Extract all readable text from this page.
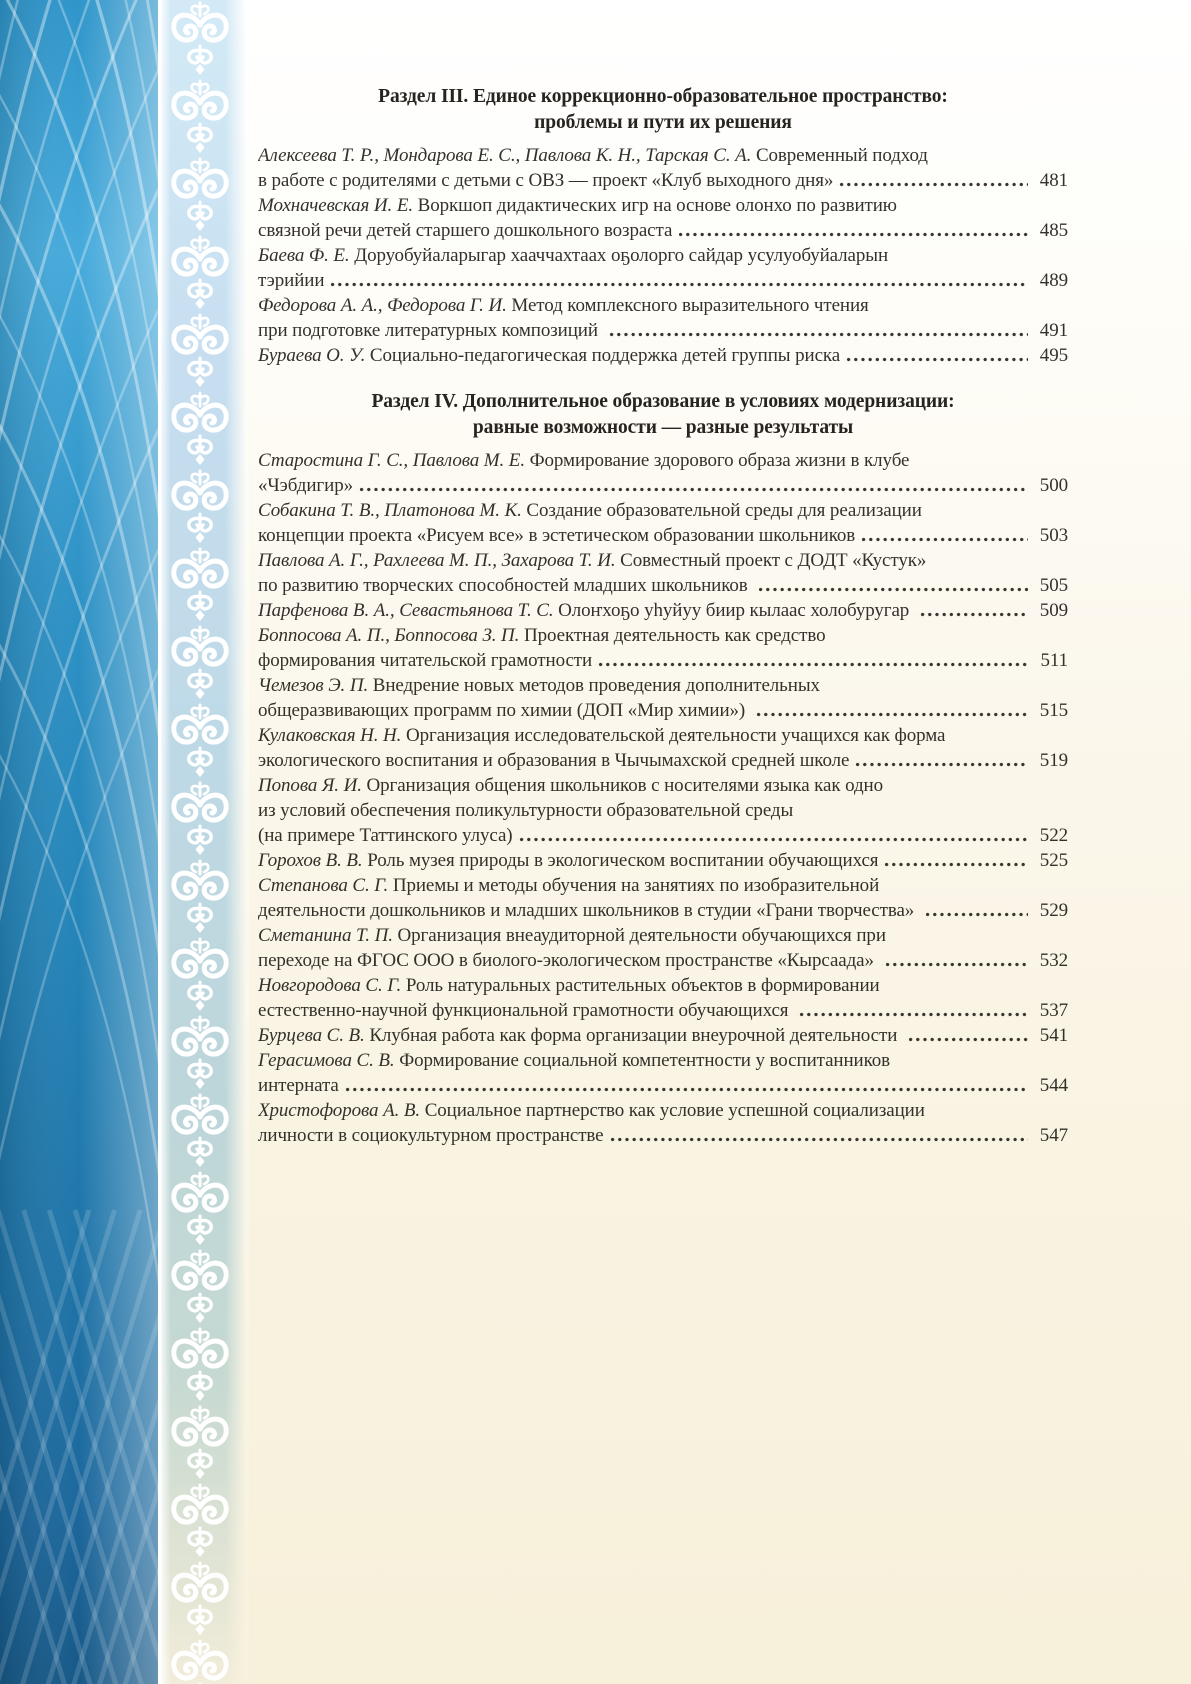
Раздел III. Единое коррекционно-образовательное пространство:
проблемы и пути их решения
Алексеева Т. Р., Мондарова Е. С., Павлова К. Н., Тарская С. А. Современный подход
в работе с родителями с детьми с ОВЗ — проект «Клуб выходного дня»	481
Мохначевская И. Е. Воркшоп дидактических игр на основе олонхо по развитию
связной речи детей старшего дошкольного возраста	485
Баева Ф. Е. Доруобуйаларыгар хааччахтаах оҕолорго сайдар усулуобуйаларын
тэрийии	489
Федорова А. А., Федорова Г. И. Метод комплексного выразительного чтения
при подготовке литературных композиций	491
Бураева О. У. Социально-педагогическая поддержка детей группы риска	495
Раздел IV. Дополнительное образование в условиях модернизации:
равные возможности — разные результаты
Старостина Г. С., Павлова М. Е. Формирование здорового образа жизни в клубе
«Чэбдигир»	500
Собакина Т. В., Платонова М. К. Создание образовательной среды для реализации
концепции проекта «Рисуем все» в эстетическом образовании школьников	503
Павлова А. Г., Рахлеева М. П., Захарова Т. И. Совместный проект с ДОДТ «Кустук»
по развитию творческих способностей младших школьников	505
Парфенова В. А., Севастьянова Т. С. Олоҥхоҕо уһуйуу биир кылаас холобуругар	509
Боппосова А. П., Боппосова З. П. Проектная деятельность как средство
формирования читательской грамотности	511
Чемезов Э. П. Внедрение новых методов проведения дополнительных
общеразвивающих программ по химии (ДОП «Мир химии»)	515
Кулаковская Н. Н. Организация исследовательской деятельности учащихся как форма
экологического воспитания и образования в Чычымахской средней школе	519
Попова Я. И. Организация общения школьников с носителями языка как одно
из условий обеспечения поликультурности образовательной среды
(на примере Таттинского улуса)	522
Горохов В. В. Роль музея природы в экологическом воспитании обучающихся	525
Степанова С. Г. Приемы и методы обучения на занятиях по изобразительной
деятельности дошкольников и младших школьников в студии «Грани творчества»	529
Сметанина Т. П. Организация внеаудиторной деятельности обучающихся при
переходе на ФГОС ООО в биолого-экологическом пространстве «Кырсаада»	532
Новгородова С. Г. Роль натуральных растительных объектов в формировании
естественно-научной функциональной грамотности обучающихся	537
Бурцева С. В. Клубная работа как форма организации внеурочной деятельности	541
Герасимова С. В. Формирование социальной компетентности у воспитанников
интерната	544
Христофорова А. В. Социальное партнерство как условие успешной социализации
личности в социокультурном пространстве	547
